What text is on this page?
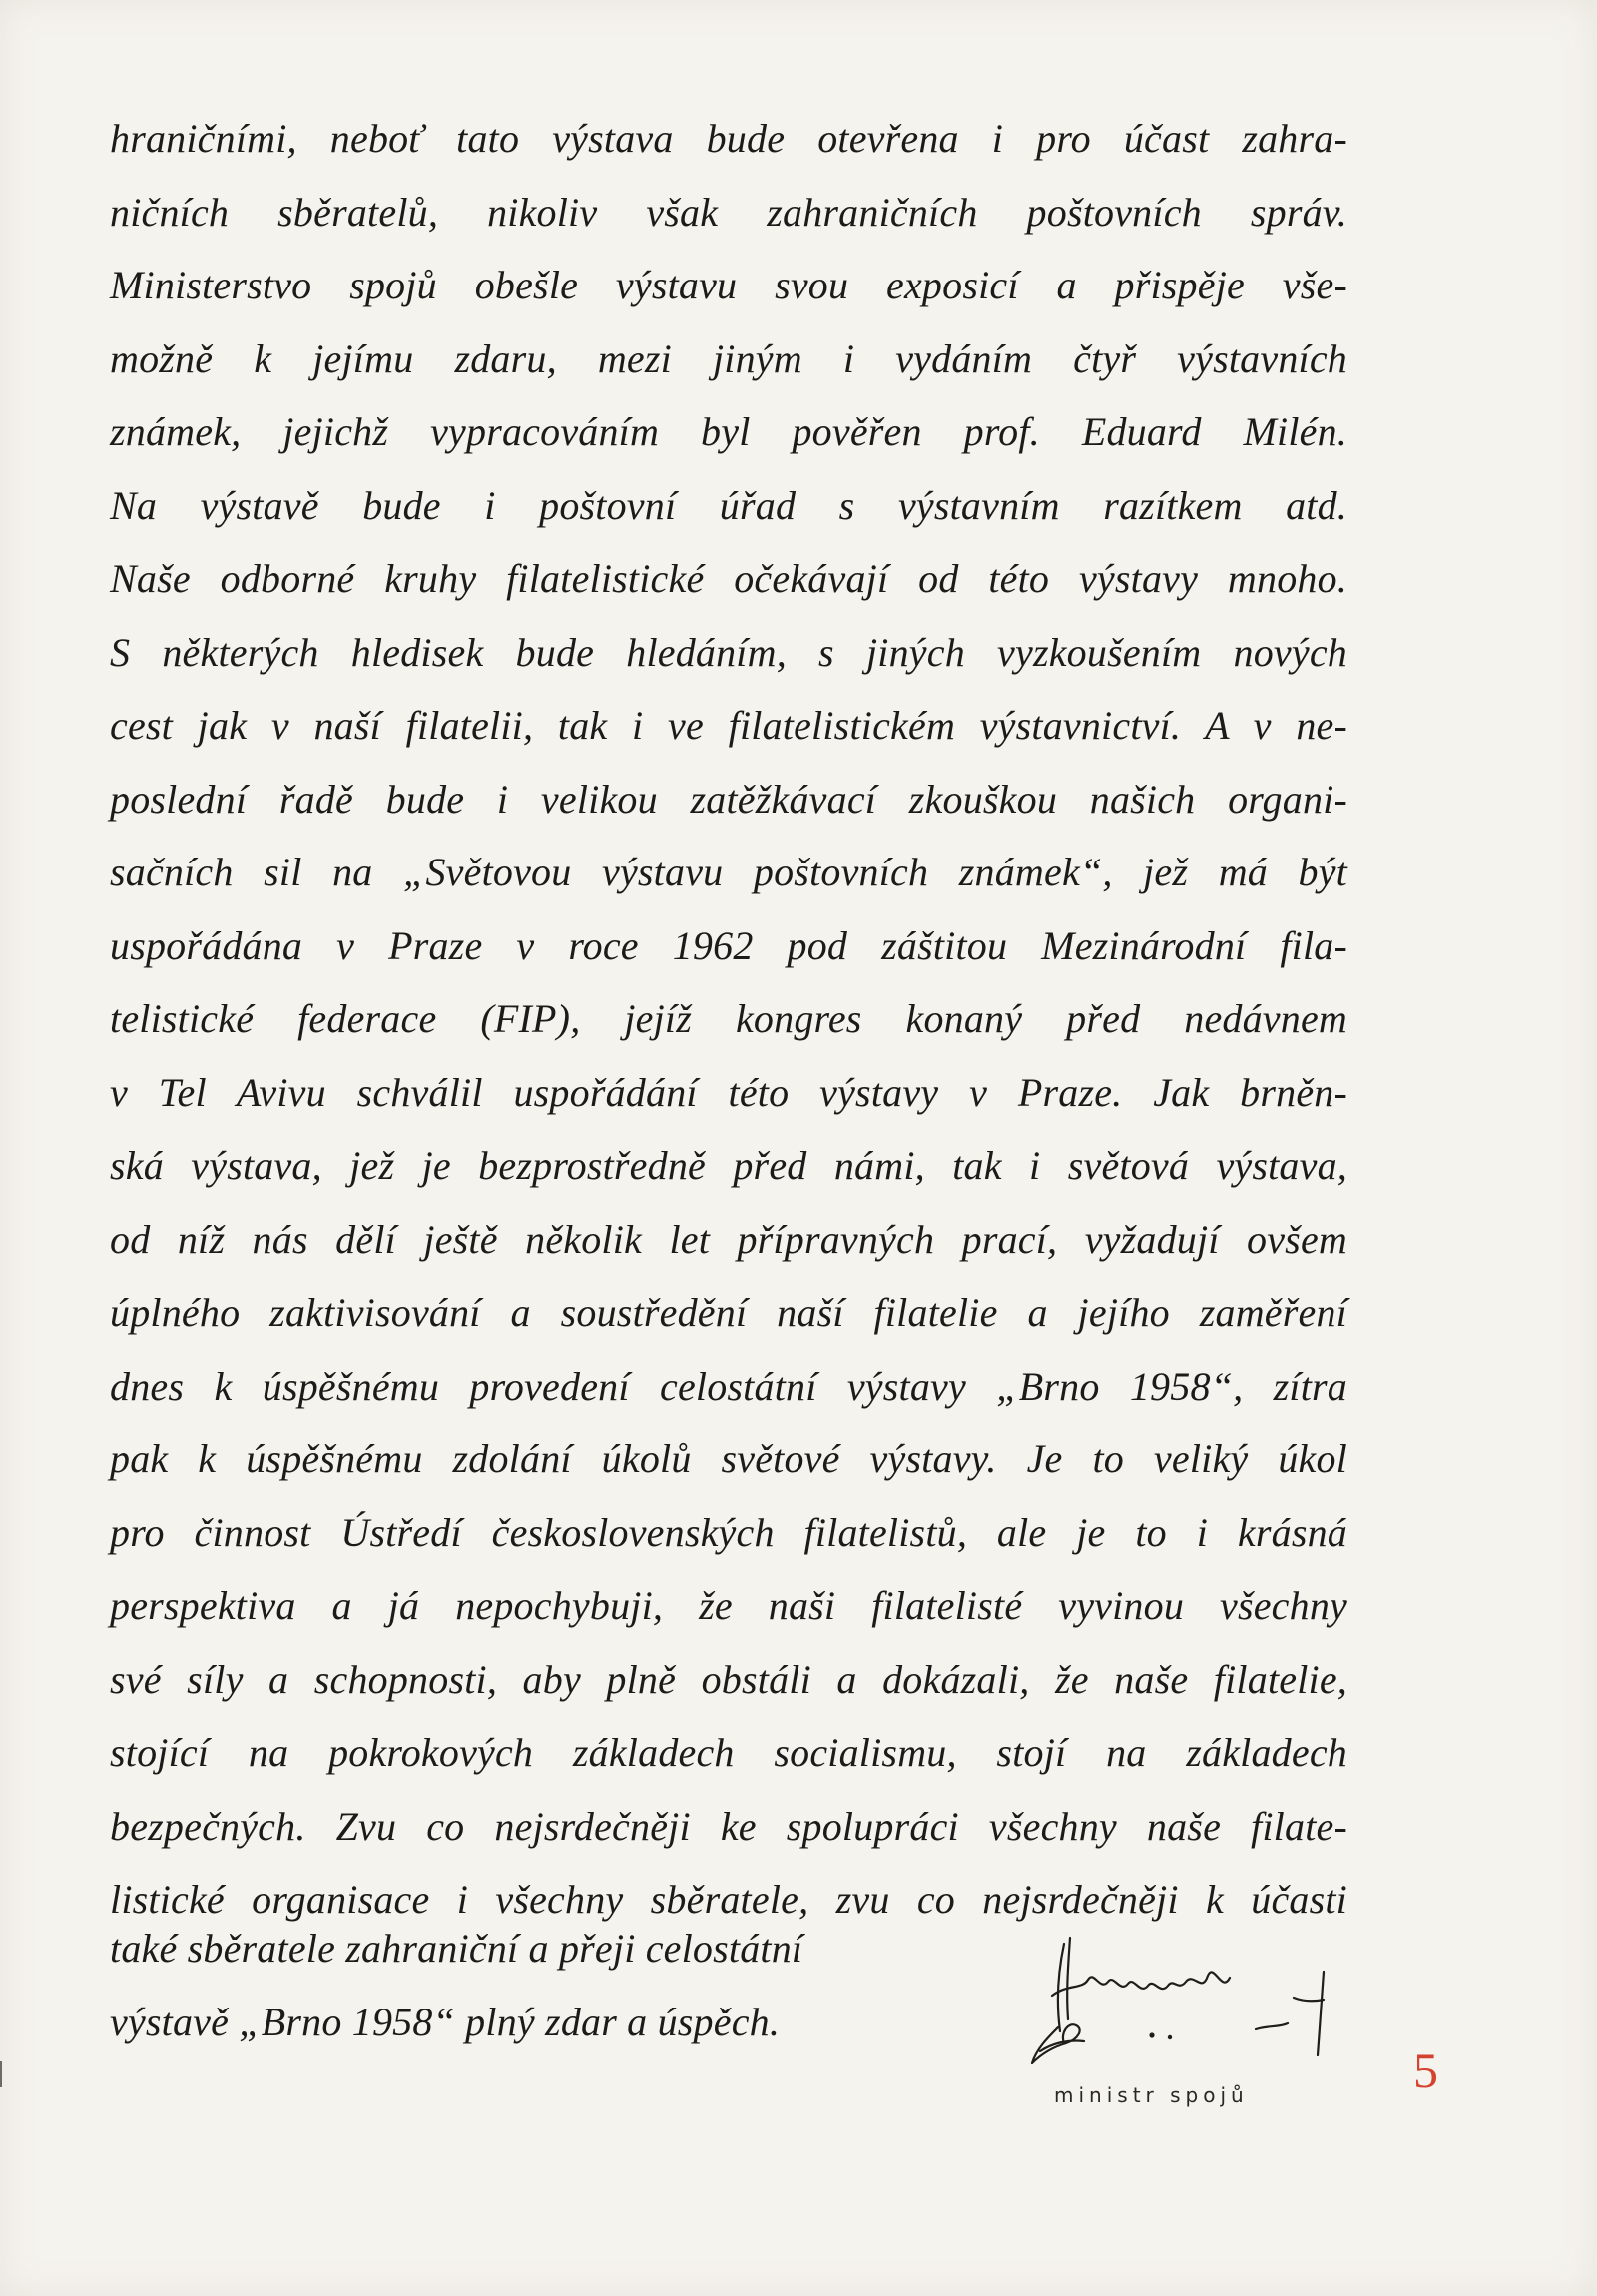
hraničními, neboť tato výstava bude otevřena i pro účast zahra-
ničních sběratelů, nikoliv však zahraničních poštovních správ.
Ministerstvo spojů obešle výstavu svou exposicí a přispěje vše-
možně k jejímu zdaru, mezi jiným i vydáním čtyř výstavních
známek, jejichž vypracováním byl pověřen prof. Eduard Milén.
Na výstavě bude i poštovní úřad s výstavním razítkem atd.
Naše odborné kruhy filatelistické očekávají od této výstavy mnoho.
S některých hledisek bude hledáním, s jiných vyzkoušením nových
cest jak v naší filatelii, tak i ve filatelistickém výstavnictví. A v ne-
poslední řadě bude i velikou zatěžkávací zkouškou našich organi-
sačních sil na „Světovou výstavu poštovních známek“, jež má být
uspořádána v Praze v roce 1962 pod záštitou Mezinárodní fila-
telistické federace (FIP), jejíž kongres konaný před nedávnem
v Tel Avivu schválil uspořádání této výstavy v Praze. Jak brněn-
ská výstava, jež je bezprostředně před námi, tak i světová výstava,
od níž nás dělí ještě několik let přípravných prací, vyžadují ovšem
úplného zaktivisování a soustředění naší filatelie a jejího zaměření
dnes k úspěšnému provedení celostátní výstavy „Brno 1958“, zítra
pak k úspěšnému zdolání úkolů světové výstavy. Je to veliký úkol
pro činnost Ústředí československých filatelistů, ale je to i krásná
perspektiva a já nepochybuji, že naši filatelisté vyvinou všechny
své síly a schopnosti, aby plně obstáli a dokázali, že naše filatelie,
stojící na pokrokových základech socialismu, stojí na základech
bezpečných. Zvu co nejsrdečněji ke spolupráci všechny naše filate-
listické organisace i všechny sběratele, zvu co nejsrdečněji k účasti
také sběratele zahraniční a přeji celostátní
výstavě „Brno 1958“ plný zdar a úspěch.
ministr spojů	5
